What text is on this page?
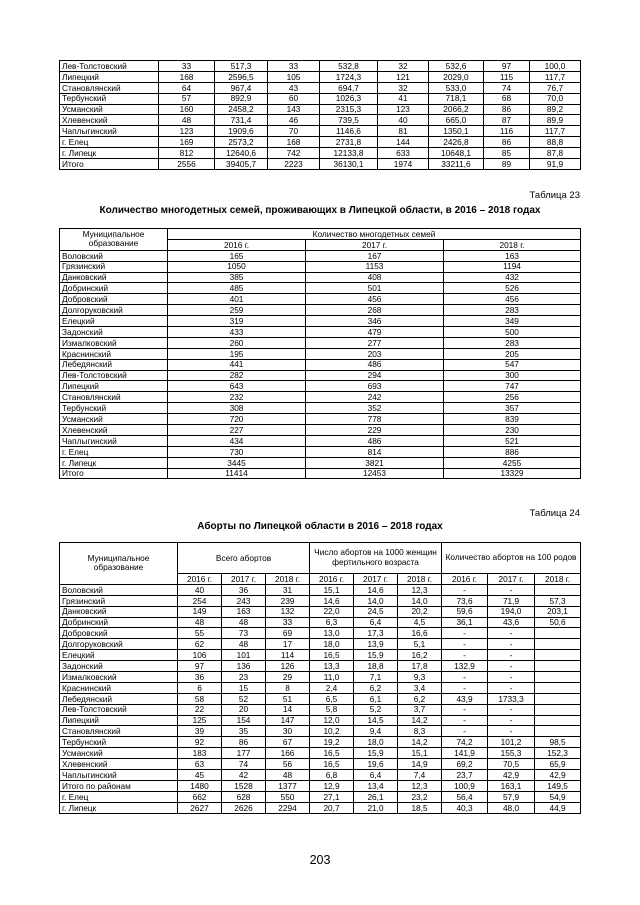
Лев-Толстовский	33	517,3	33	532,8	32	532,6	97	100,0
Липецкий	168	2596,5	105	1724,3	121	2029,0	115	117,7
Становлянский	64	967,4	43	694,7	32	533,0	74	76,7
Тербунский	57	892,9	60	1026,3	41	718,1	68	70,0
Усманский	160	2458,2	143	2315,3	123	2066,2	86	89,2
Хлевенский	48	731,4	46	739,5	40	665,0	87	89,9
Чаплыгинский	123	1909,6	70	1146,6	81	1350,1	116	117,7
г. Елец	169	2573,2	168	2731,8	144	2426,8	86	88,8
г. Липецк	812	12640,6	742	12133,8	633	10648,1	85	87,8
Итого	2556	39405,7	2223	36130,1	1974	33211,6	89	91,9
Таблица 23
Количество многодетных семей, проживающих в Липецкой области, в 2016 – 2018 годах
Муниципальное образование	Количество многодетных семей		
	2016 г.	2017 г.	2018 г.
Воловский	165	167	163
Грязинский	1050	1153	1194
Данковский	385	408	432
Добринский	485	501	526
Добровский	401	456	456
Долгоруковский	259	268	283
Елецкий	319	346	349
Задонский	433	479	500
Измалковский	260	277	283
Краснинский	195	203	205
Лебедянский	441	486	547
Лев-Толстовский	282	294	300
Липецкий	643	693	747
Становлянский	232	242	256
Тербунский	308	352	357
Усманский	720	778	839
Хлевенский	227	229	230
Чаплыгинский	434	486	521
г. Елец	730	814	886
г. Липецк	3445	3821	4255
Итого	11414	12453	13329
Таблица 24
Аборты по Липецкой области в 2016 – 2018 годах
Муниципальное образование	Всего абортов			Число абортов на 1000 женщин фертильного возраста			Количество абортов на 100 родов		
	2016 г.	2017 г.	2018 г.	2016 г.	2017 г.	2018 г.	2016 г.	2017 г.	2018 г.
Воловский	40	36	31	15,1	14,6	12,3	-	-	
Грязинский	254	243	239	14,6	14,0	14,0	73,6	71,9	57,3
Данковский	149	163	132	22,0	24,5	20,2	59,6	194,0	203,1
Добринский	48	48	33	6,3	6,4	4,5	36,1	43,6	50,6
Добровский	55	73	69	13,0	17,3	16,6	-	-	
Долгоруковский	62	48	17	18,0	13,9	5,1	-	-	
Елецкий	106	101	114	16,5	15,9	16,2	-	-	
Задонский	97	136	126	13,3	18,8	17,8	132,9	-	
Измалковский	36	23	29	11,0	7,1	9,3	-	-	
Краснинский	6	15	8	2,4	6,2	3,4	-	-	
Лебедянский	58	52	51	6,5	6,1	6,2	43,9	1733,3	
Лев-Толстовский	22	20	14	5,8	5,2	3,7	-	-	
Липецкий	125	154	147	12,0	14,5	14,2	-	-	
Становлянский	39	35	30	10,2	9,4	8,3	-	-	
Тербунский	92	86	67	19,2	18,0	14,2	74,2	101,2	98,5
Усманский	183	177	166	16,5	15,9	15,1	141,9	155,3	152,3
Хлевенский	63	74	56	16,5	19,6	14,9	69,2	70,5	65,9
Чаплыгинский	45	42	48	6,8	6,4	7,4	23,7	42,9	42,9
Итого по районам	1480	1528	1377	12,9	13,4	12,3	100,9	163,1	149,5
г. Елец	662	628	550	27,1	26,1	23,2	56,4	57,9	54,9
г. Липецк	2627	2626	2294	20,7	21,0	18,5	40,3	48,0	44,9
203
